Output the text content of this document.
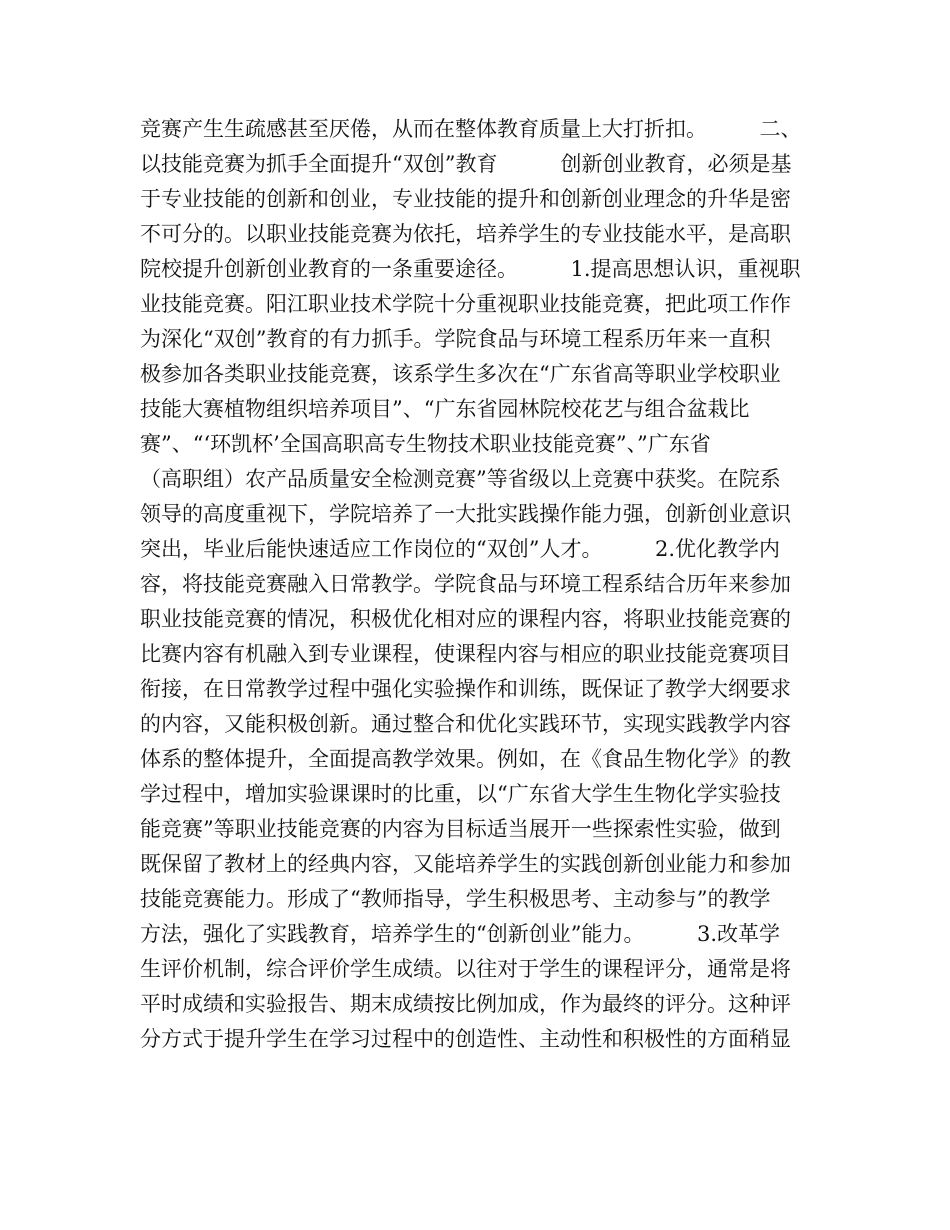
竞赛产生生疏感甚至厌倦，从而在整体教育质量上大打折扣。　　　二、
以技能竞赛为抓手全面提升“双创”教育　　　创新创业教育，必须是基
于专业技能的创新和创业，专业技能的提升和创新创业理念的升华是密
不可分的。以职业技能竞赛为依托，培养学生的专业技能水平，是高职
院校提升创新创业教育的一条重要途径。　　　1.提高思想认识，重视职
业技能竞赛。阳江职业技术学院十分重视职业技能竞赛，把此项工作作
为深化“双创”教育的有力抓手。学院食品与环境工程系历年来一直积
极参加各类职业技能竞赛，该系学生多次在“广东省高等职业学校职业
技能大赛植物组织培养项目”、“广东省园林院校花艺与组合盆栽比
赛”、“‘环凯杯’全国高职高专生物技术职业技能竞赛”、”广东省
（高职组）农产品质量安全检测竞赛”等省级以上竞赛中获奖。在院系
领导的高度重视下，学院培养了一大批实践操作能力强，创新创业意识
突出，毕业后能快速适应工作岗位的“双创”人才。　　　2.优化教学内
容，将技能竞赛融入日常教学。学院食品与环境工程系结合历年来参加
职业技能竞赛的情况，积极优化相对应的课程内容，将职业技能竞赛的
比赛内容有机融入到专业课程，使课程内容与相应的职业技能竞赛项目
衔接，在日常教学过程中强化实验操作和训练，既保证了教学大纲要求
的内容，又能积极创新。通过整合和优化实践环节，实现实践教学内容
体系的整体提升，全面提高教学效果。例如，在《食品生物化学》的教
学过程中，增加实验课课时的比重，以“广东省大学生生物化学实验技
能竞赛”等职业技能竞赛的内容为目标适当展开一些探索性实验，做到
既保留了教材上的经典内容，又能培养学生的实践创新创业能力和参加
技能竞赛能力。形成了“教师指导，学生积极思考、主动参与”的教学
方法，强化了实践教育，培养学生的“创新创业”能力。　　　3.改革学
生评价机制，综合评价学生成绩。以往对于学生的课程评分，通常是将
平时成绩和实验报告、期末成绩按比例加成，作为最终的评分。这种评
分方式于提升学生在学习过程中的创造性、主动性和积极性的方面稍显
